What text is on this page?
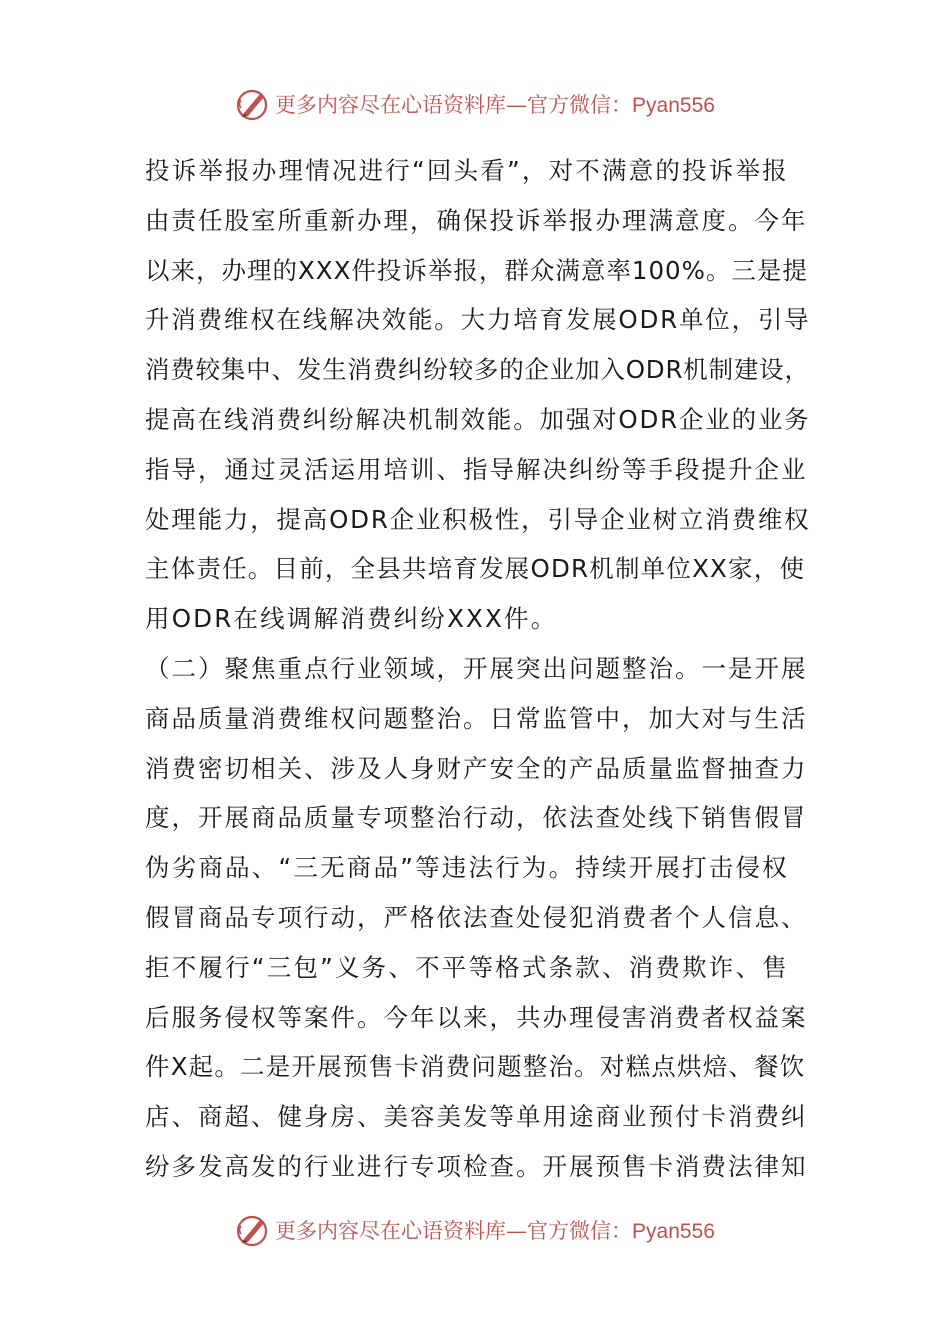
更多内容尽在心语资料库—官方微信：Pyan556
投诉举报办理情况进行“回头看”，对不满意的投诉举报
由责任股室所重新办理，确保投诉举报办理满意度。今年
以来，办理的XXX件投诉举报，群众满意率100%。三是提
升消费维权在线解决效能。大力培育发展ODR单位，引导
消费较集中、发生消费纠纷较多的企业加入ODR机制建设，
提高在线消费纠纷解决机制效能。加强对ODR企业的业务
指导，通过灵活运用培训、指导解决纠纷等手段提升企业
处理能力，提高ODR企业积极性，引导企业树立消费维权
主体责任。目前，全县共培育发展ODR机制单位XX家，使
用ODR在线调解消费纠纷XXX件。
（二）聚焦重点行业领域，开展突出问题整治。一是开展
商品质量消费维权问题整治。日常监管中，加大对与生活
消费密切相关、涉及人身财产安全的产品质量监督抽查力
度，开展商品质量专项整治行动，依法查处线下销售假冒
伪劣商品、“三无商品”等违法行为。持续开展打击侵权
假冒商品专项行动，严格依法查处侵犯消费者个人信息、
拒不履行“三包”义务、不平等格式条款、消费欺诈、售
后服务侵权等案件。今年以来，共办理侵害消费者权益案
件X起。二是开展预售卡消费问题整治。对糕点烘焙、餐饮
店、商超、健身房、美容美发等单用途商业预付卡消费纠
纷多发高发的行业进行专项检查。开展预售卡消费法律知
更多内容尽在心语资料库—官方微信：Pyan556
